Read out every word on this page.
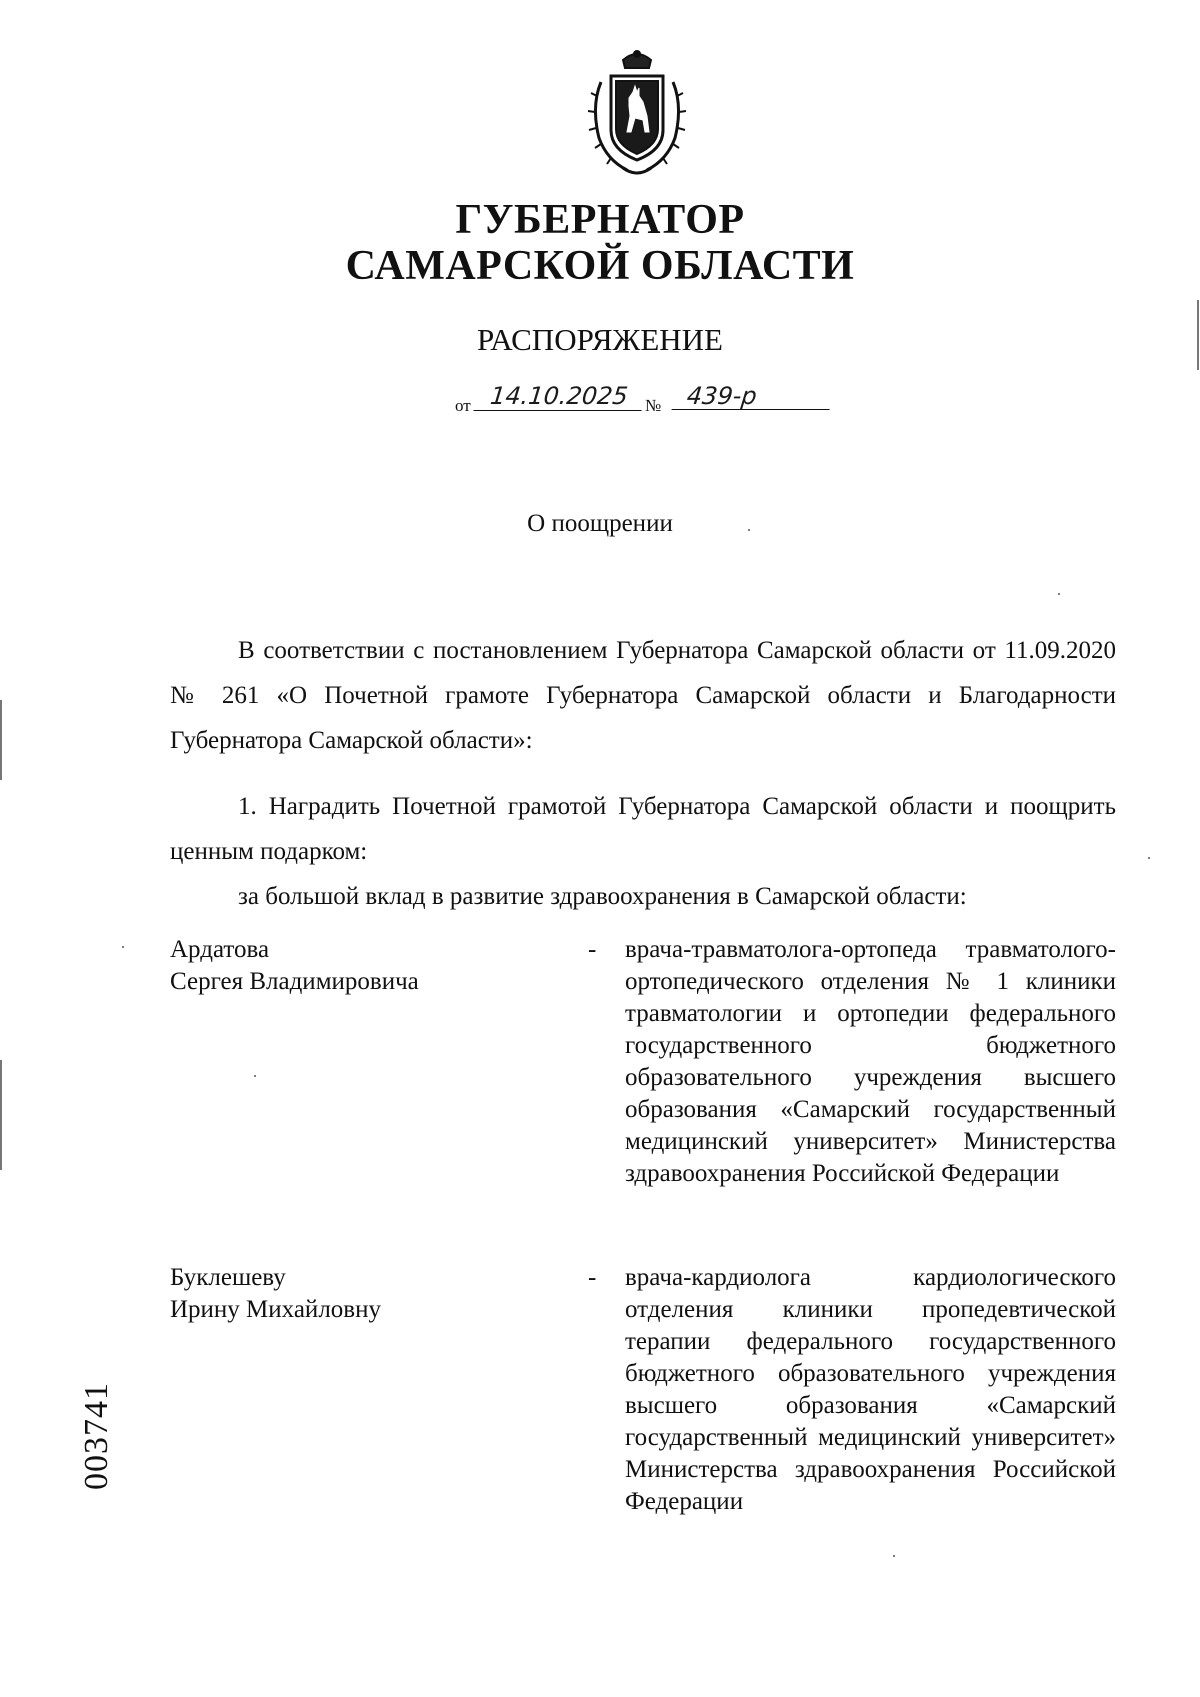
ГУБЕРНАТОР
САМАРСКОЙ ОБЛАСТИ
РАСПОРЯЖЕНИЕ
от 14.10.2025 №	439-р
О поощрении

В соответствии с постановлением Губернатора Самарской области от 11.09.2020 № 261 «О Почетной грамоте Губернатора Самарской области и Благодарности Губернатора Самарской области»:

1. Наградить Почетной грамотой Губернатора Самарской области и поощрить ценным подарком:

за большой вклад в развитие здравоохранения в Самарской области:

Ардатова
Сергея Владимировича
- врача-травматолога-ортопеда травматолого-ортопедического отделения № 1 клиники травматологии и ортопедии федерального государственного бюджетного образовательного учреждения высшего образования «Самарский государственный медицинский университет» Министерства здравоохранения Российской Федерации
Буклешеву
Ирину Михайловну
- врача-кардиолога кардиологического отделения клиники пропедевтической терапии федерального государственного бюджетного образовательного учреждения высшего образования «Самарский государственный медицинский университет» Министерства здравоохранения Российской Федерации
003741
